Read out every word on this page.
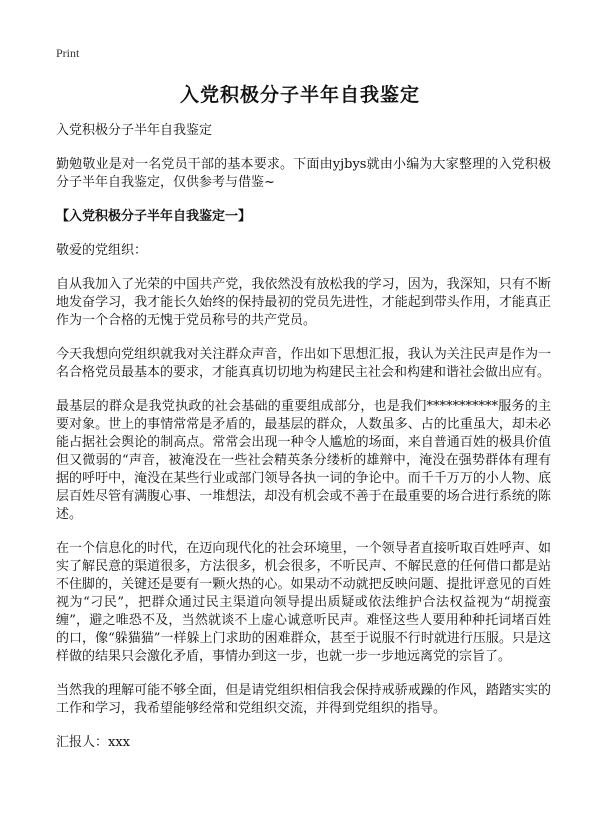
Print
入党积极分子半年自我鉴定

入党积极分子半年自我鉴定

勤勉敬业是对一名党员干部的基本要求。下面由yjbys就由小编为大家整理的入党积极分子半年自我鉴定，仅供参考与借鉴~

【入党积极分子半年自我鉴定一】

敬爱的党组织：

自从我加入了光荣的中国共产党，我依然没有放松我的学习，因为，我深知，只有不断地发奋学习，我才能长久始终的保持最初的党员先进性，才能起到带头作用，才能真正作为一个合格的无愧于党员称号的共产党员。

今天我想向党组织就我对关注群众声音，作出如下思想汇报，我认为关注民声是作为一名合格党员最基本的要求，才能真真切切地为构建民主社会和构建和谐社会做出应有。

最基层的群众是我党执政的社会基础的重要组成部分，也是我们***********服务的主要对象。世上的事情常常是矛盾的，最基层的群众，人数虽多、占的比重虽大，却未必能占据社会舆论的制高点。常常会出现一种令人尴尬的场面，来自普通百姓的极具价值但又微弱的“声音，被淹没在一些社会精英条分缕析的雄辩中，淹没在强势群体有理有据的呼吁中，淹没在某些行业或部门领导各执一词的争论中。而千千万万的小人物、底层百姓尽管有满腹心事、一堆想法，却没有机会或不善于在最重要的场合进行系统的陈述。

在一个信息化的时代，在迈向现代化的社会环境里，一个领导者直接听取百姓呼声、如实了解民意的渠道很多，方法很多，机会很多，不听民声、不解民意的任何借口都是站不住脚的，关键还是要有一颗火热的心。如果动不动就把反映问题、提批评意见的百姓视为“刁民”，把群众通过民主渠道向领导提出质疑或依法维护合法权益视为“胡搅蛮缠”，避之唯恐不及，当然就谈不上虚心诚意听民声。难怪这些人要用种种托词堵百姓的口，像“躲猫猫”一样躲上门求助的困难群众，甚至于说服不行时就进行压服。只是这样做的结果只会激化矛盾，事情办到这一步，也就一步一步地远离党的宗旨了。

当然我的理解可能不够全面，但是请党组织相信我会保持戒骄戒躁的作风，踏踏实实的工作和学习，我希望能够经常和党组织交流，并得到党组织的指导。

汇报人：xxx
